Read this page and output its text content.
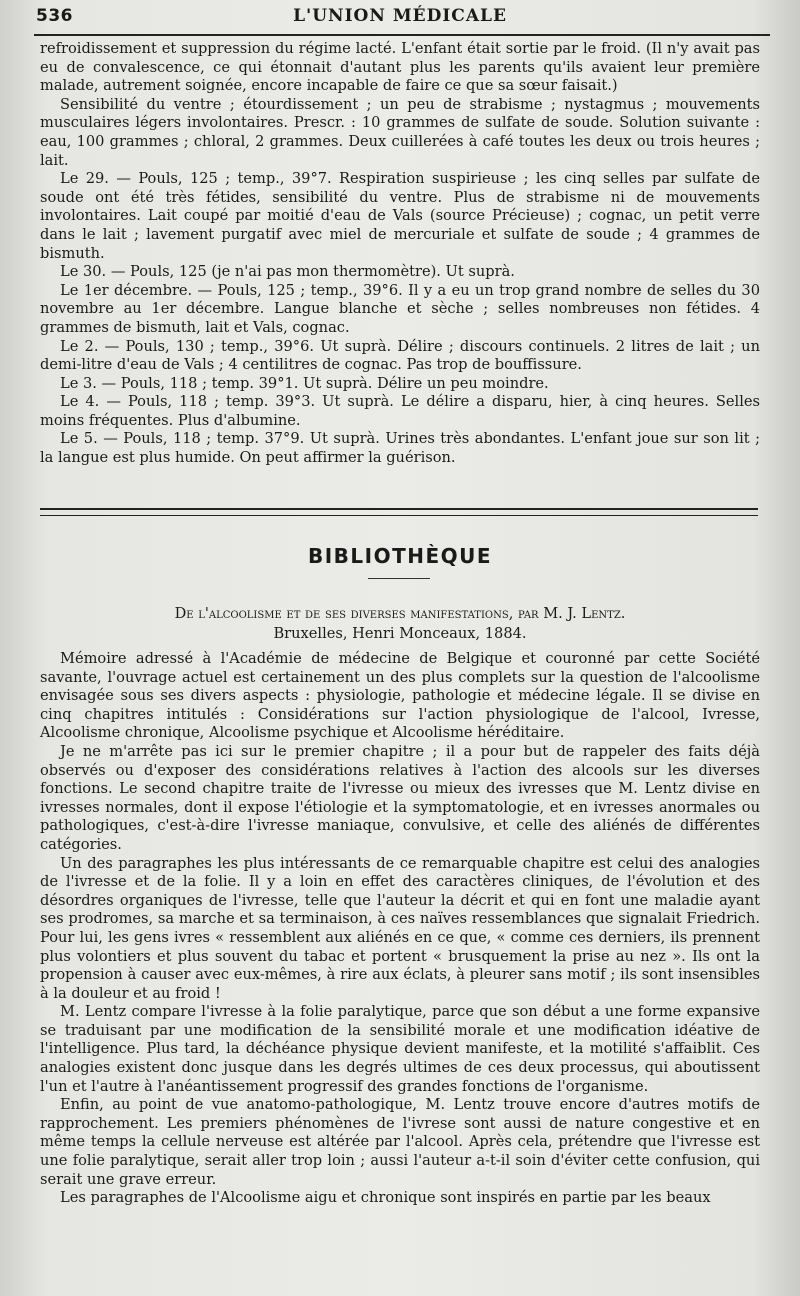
536	L'UNION MÉDICALE

refroidissement et suppression du régime lacté. L'enfant était sortie par le froid. (Il n'y avait pas eu de convalescence, ce qui étonnait d'autant plus les parents qu'ils avaient leur première malade, autrement soignée, encore incapable de faire ce que sa sœur faisait.)

Sensibilité du ventre ; étourdissement ; un peu de strabisme ; nystagmus ; mouvements musculaires légers involontaires. Prescr. : 10 grammes de sulfate de soude. Solution suivante : eau, 100 grammes ; chloral, 2 grammes. Deux cuillerées à café toutes les deux ou trois heures ; lait.

Le 29. — Pouls, 125 ; temp., 39°7. Respiration suspirieuse ; les cinq selles par sulfate de soude ont été très fétides, sensibilité du ventre. Plus de strabisme ni de mouvements involontaires. Lait coupé par moitié d'eau de Vals (source Précieuse) ; cognac, un petit verre dans le lait ; lavement purgatif avec miel de mercuriale et sulfate de soude ; 4 grammes de bismuth.

Le 30. — Pouls, 125 (je n'ai pas mon thermomètre). Ut suprà.

Le 1er décembre. — Pouls, 125 ; temp., 39°6. Il y a eu un trop grand nombre de selles du 30 novembre au 1er décembre. Langue blanche et sèche ; selles nombreuses non fétides. 4 grammes de bismuth, lait et Vals, cognac.

Le 2. — Pouls, 130 ; temp., 39°6. Ut suprà. Délire ; discours continuels. 2 litres de lait ; un demi-litre d'eau de Vals ; 4 centilitres de cognac. Pas trop de bouffissure.

Le 3. — Pouls, 118 ; temp. 39°1. Ut suprà. Délire un peu moindre.

Le 4. — Pouls, 118 ; temp. 39°3. Ut suprà. Le délire a disparu, hier, à cinq heures. Selles moins fréquentes. Plus d'albumine.

Le 5. — Pouls, 118 ; temp. 37°9. Ut suprà. Urines très abondantes. L'enfant joue sur son lit ; la langue est plus humide. On peut affirmer la guérison.

BIBLIOTHÈQUE
De l'alcoolisme et de ses diverses manifestations, par M. J. Lentz.
Bruxelles, Henri Monceaux, 1884.

Mémoire adressé à l'Académie de médecine de Belgique et couronné par cette Société savante, l'ouvrage actuel est certainement un des plus complets sur la question de l'alcoolisme envisagée sous ses divers aspects : physiologie, pathologie et médecine légale. Il se divise en cinq chapitres intitulés : Considérations sur l'action physiologique de l'alcool, Ivresse, Alcoolisme chronique, Alcoolisme psychique et Alcoolisme héréditaire.

Je ne m'arrête pas ici sur le premier chapitre ; il a pour but de rappeler des faits déjà observés ou d'exposer des considérations relatives à l'action des alcools sur les diverses fonctions. Le second chapitre traite de l'ivresse ou mieux des ivresses que M. Lentz divise en ivresses normales, dont il expose l'étiologie et la symptomatologie, et en ivresses anormales ou pathologiques, c'est-à-dire l'ivresse maniaque, convulsive, et celle des aliénés de différentes catégories.

Un des paragraphes les plus intéressants de ce remarquable chapitre est celui des analogies de l'ivresse et de la folie. Il y a loin en effet des caractères cliniques, de l'évolution et des désordres organiques de l'ivresse, telle que l'auteur la décrit et qui en font une maladie ayant ses prodromes, sa marche et sa terminaison, à ces naïves ressemblances que signalait Friedrich. Pour lui, les gens ivres « ressemblent aux aliénés en ce que, « comme ces derniers, ils prennent plus volontiers et plus souvent du tabac et portent « brusquement la prise au nez ». Ils ont la propension à causer avec eux-mêmes, à rire aux éclats, à pleurer sans motif ; ils sont insensibles à la douleur et au froid !

M. Lentz compare l'ivresse à la folie paralytique, parce que son début a une forme expansive se traduisant par une modification de la sensibilité morale et une modification idéative de l'intelligence. Plus tard, la déchéance physique devient manifeste, et la motilité s'affaiblit. Ces analogies existent donc jusque dans les degrés ultimes de ces deux processus, qui aboutissent l'un et l'autre à l'anéantissement progressif des grandes fonctions de l'organisme.

Enfin, au point de vue anatomo-pathologique, M. Lentz trouve encore d'autres motifs de rapprochement. Les premiers phénomènes de l'ivrese sont aussi de nature congestive et en même temps la cellule nerveuse est altérée par l'alcool. Après cela, prétendre que l'ivresse est une folie paralytique, serait aller trop loin ; aussi l'auteur a-t-il soin d'éviter cette confusion, qui serait une grave erreur.

Les paragraphes de l'Alcoolisme aigu et chronique sont inspirés en partie par les beaux
